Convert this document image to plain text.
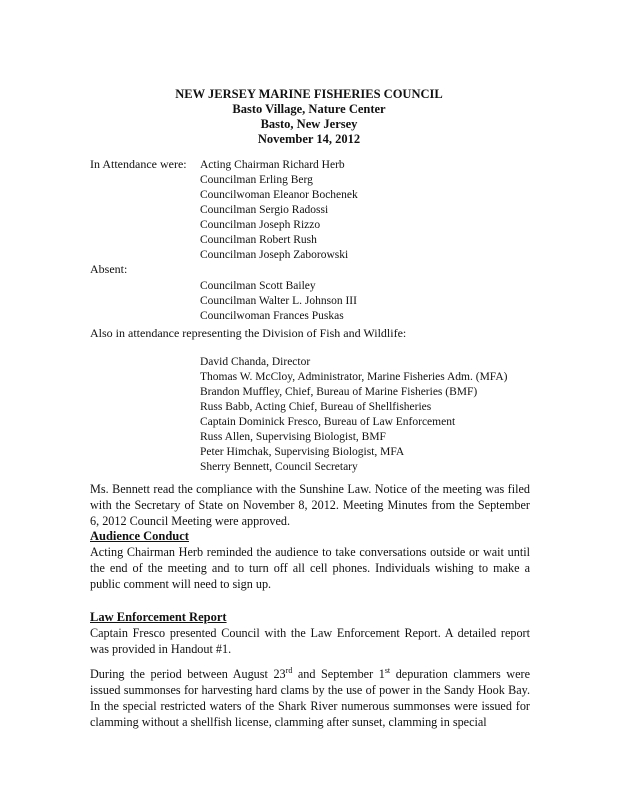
NEW JERSEY MARINE FISHERIES COUNCIL
Basto Village, Nature Center
Basto, New Jersey
November 14, 2012
In Attendance were: Acting Chairman Richard Herb
Councilman Erling Berg
Councilwoman Eleanor Bochenek
Councilman Sergio Radossi
Councilman Joseph Rizzo
Councilman Robert Rush
Councilman Joseph Zaborowski
Absent:
Councilman Scott Bailey
Councilman Walter L. Johnson III
Councilwoman Frances Puskas
Also in attendance representing the Division of Fish and Wildlife:
David Chanda, Director
Thomas W. McCloy, Administrator, Marine Fisheries Adm. (MFA)
Brandon Muffley, Chief, Bureau of Marine Fisheries (BMF)
Russ Babb, Acting Chief, Bureau of Shellfisheries
Captain Dominick Fresco, Bureau of Law Enforcement
Russ Allen, Supervising Biologist, BMF
Peter Himchak, Supervising Biologist, MFA
Sherry Bennett, Council Secretary
Ms. Bennett read the compliance with the Sunshine Law. Notice of the meeting was filed with the Secretary of State on November 8, 2012. Meeting Minutes from the September 6, 2012 Council Meeting were approved.
Audience Conduct
Acting Chairman Herb reminded the audience to take conversations outside or wait until the end of the meeting and to turn off all cell phones. Individuals wishing to make a public comment will need to sign up.
Law Enforcement Report
Captain Fresco presented Council with the Law Enforcement Report. A detailed report was provided in Handout #1.
During the period between August 23rd and September 1st depuration clammers were issued summonses for harvesting hard clams by the use of power in the Sandy Hook Bay. In the special restricted waters of the Shark River numerous summonses were issued for clamming without a shellfish license, clamming after sunset, clamming in special
